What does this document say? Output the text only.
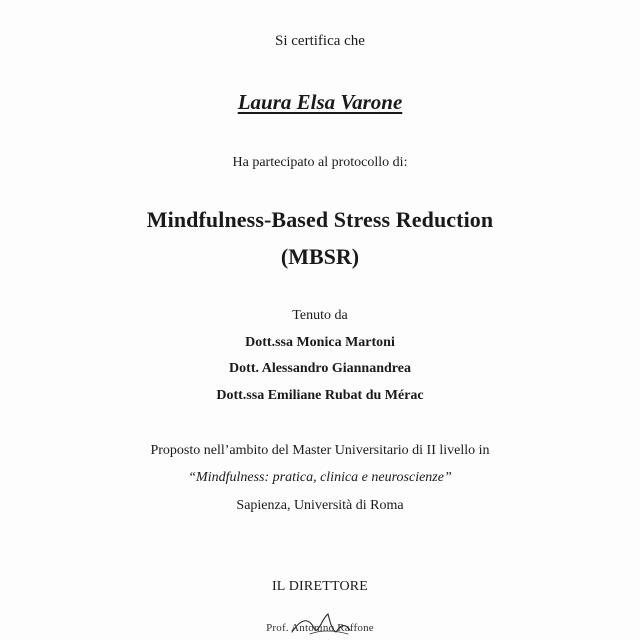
Si certifica che
Laura Elsa Varone
Ha partecipato al protocollo di:
Mindfulness-Based Stress Reduction
(MBSR)
Tenuto da
Dott.ssa Monica Martoni
Dott. Alessandro Giannandrea
Dott.ssa Emiliane Rubat du Mérac
Proposto nell’ambito del Master Universitario di II livello in
“Mindfulness: pratica, clinica e neuroscienze”
Sapienza, Università di Roma
IL DIRETTORE
Prof. Antonino Raffone
